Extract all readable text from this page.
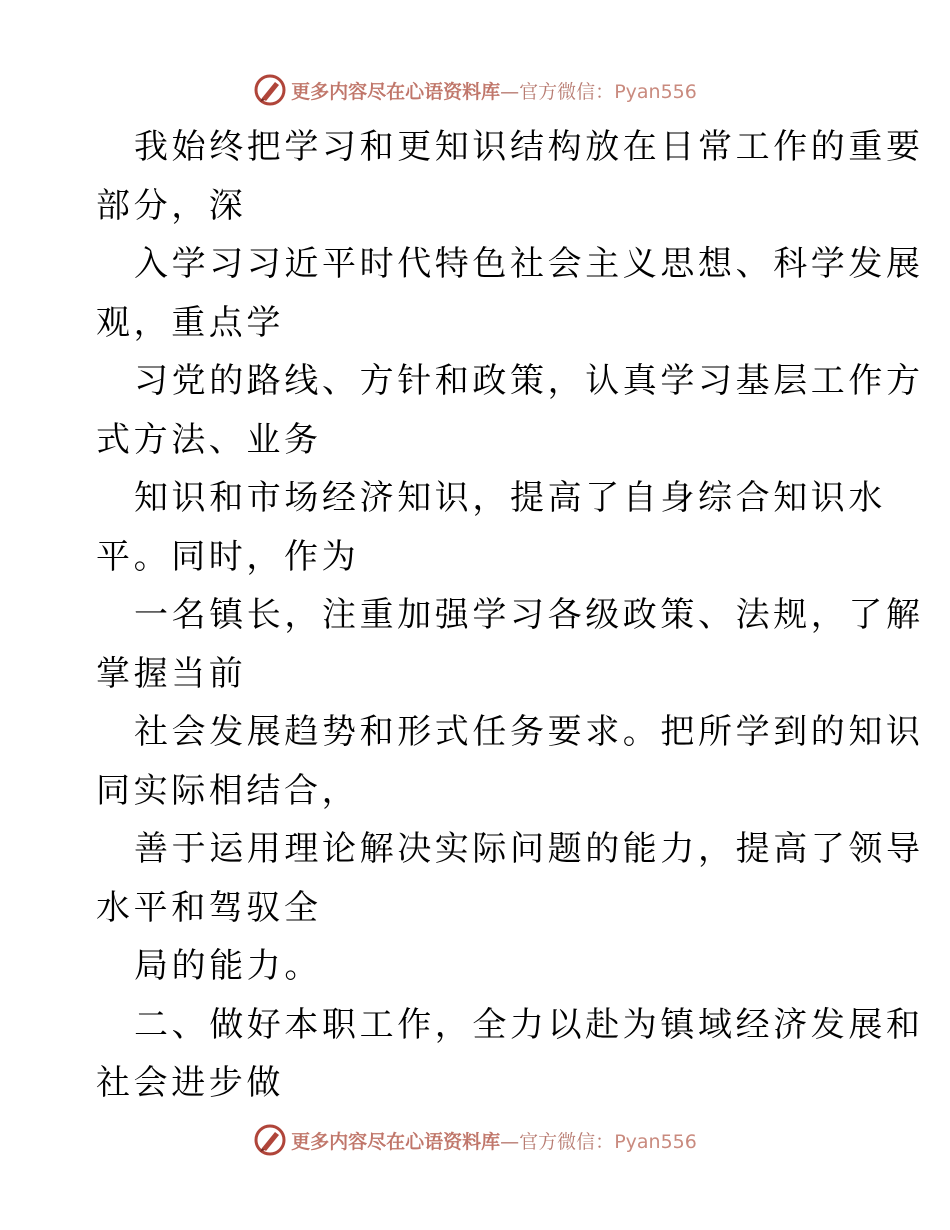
更多内容尽在心语资料库—官方微信：Pyan556
我始终把学习和更知识结构放在日常工作的重要
部分，深
入学习习近平时代特色社会主义思想、科学发展
观，重点学
习党的路线、方针和政策，认真学习基层工作方
式方法、业务
知识和市场经济知识，提高了自身综合知识水
平。同时，作为
一名镇长，注重加强学习各级政策、法规，了解
掌握当前
社会发展趋势和形式任务要求。把所学到的知识
同实际相结合，
善于运用理论解决实际问题的能力，提高了领导
水平和驾驭全
局的能力。
二、做好本职工作，全力以赴为镇域经济发展和
社会进步做
更多内容尽在心语资料库—官方微信：Pyan556
